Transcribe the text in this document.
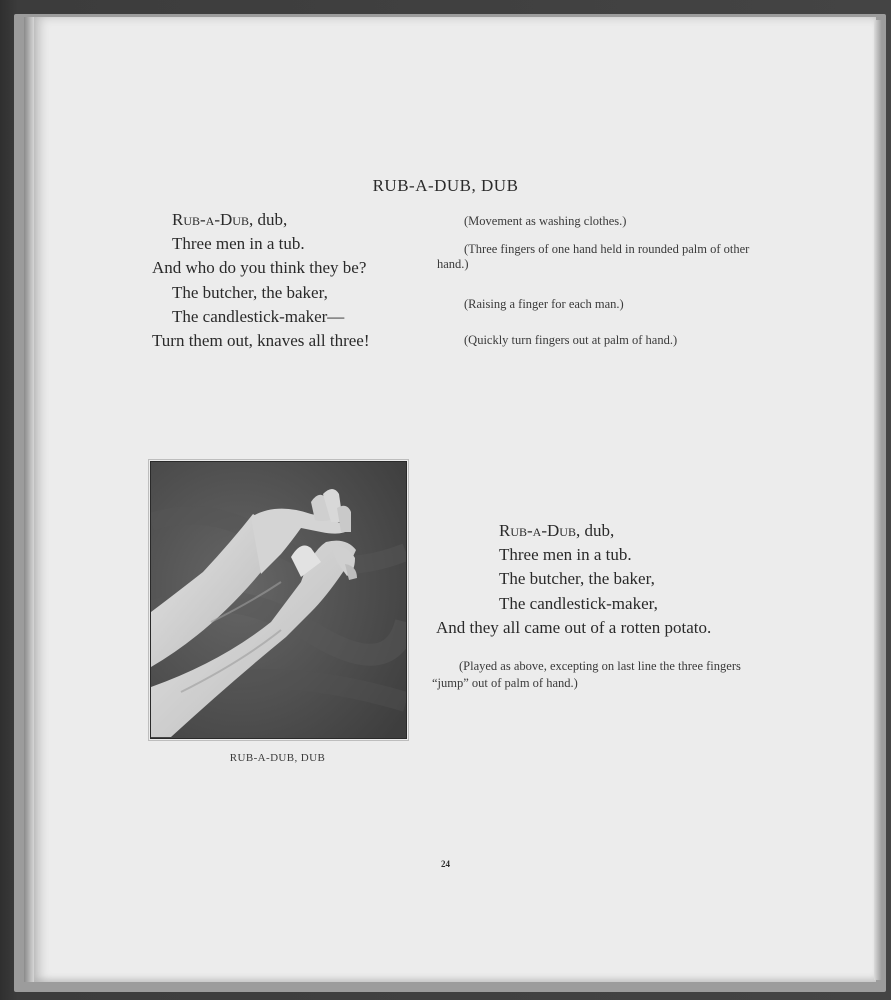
RUB-A-DUB, DUB
Rub-a-Dub, dub,
Three men in a tub.
And who do you think they be?
The butcher, the baker,
The candlestick-maker—
Turn them out, knaves all three!
(Movement as washing clothes.)
(Three fingers of one hand held in rounded palm of other hand.)
(Raising a finger for each man.)
(Quickly turn fingers out at palm of hand.)
RUB-A-DUB, DUB
Rub-a-Dub, dub,
Three men in a tub.
The butcher, the baker,
The candlestick-maker,
And they all came out of a rotten potato.
(Played as above, excepting on last line the three fingers “jump” out of palm of hand.)
24
